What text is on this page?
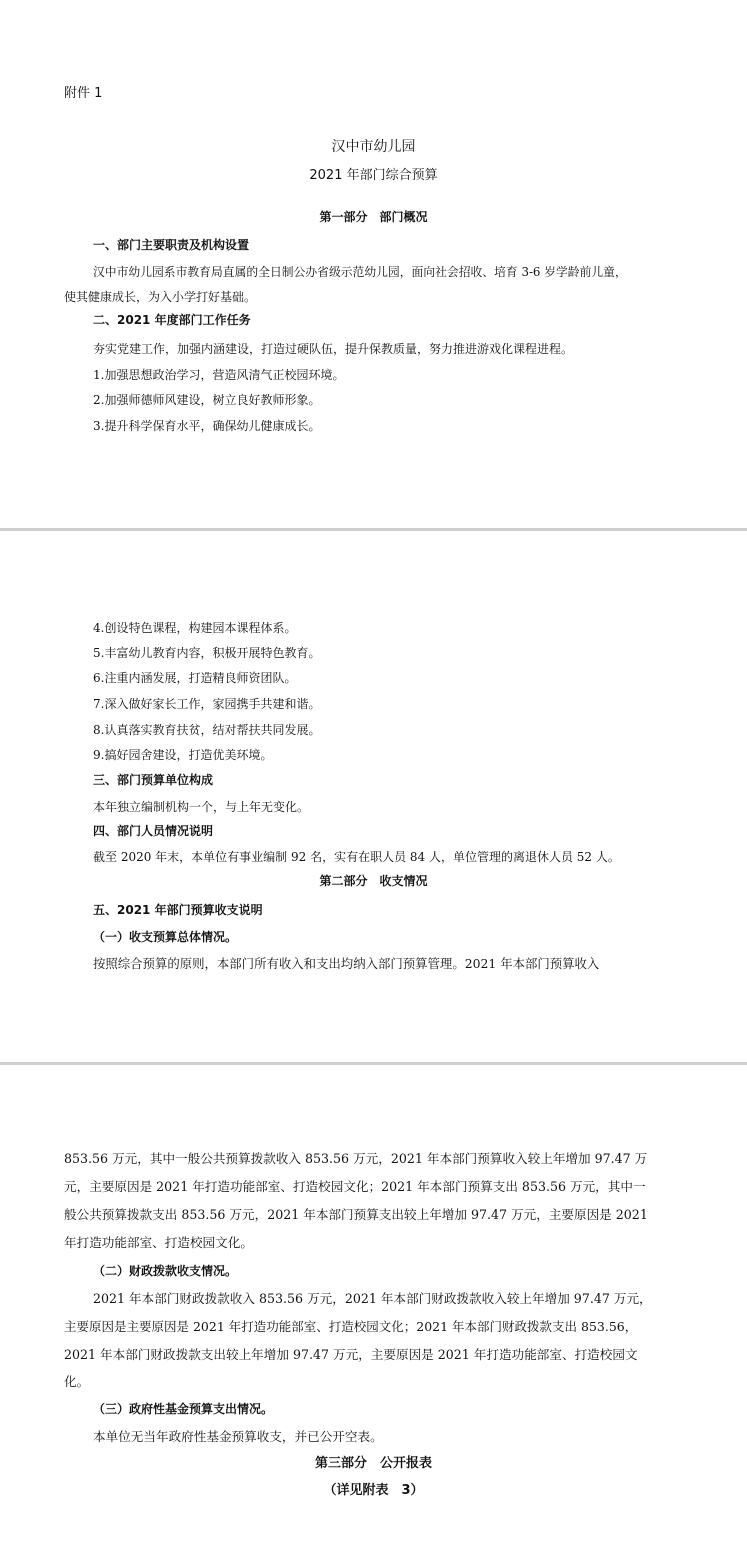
附件 1
汉中市幼儿园
2021 年部门综合预算
第一部分　部门概况
一、部门主要职责及机构设置
汉中市幼儿园系市教育局直属的全日制公办省级示范幼儿园，面向社会招收、培育 3-6 岁学龄前儿童，
使其健康成长，为入小学打好基础。
二、2021 年度部门工作任务
夯实党建工作，加强内涵建设，打造过硬队伍，提升保教质量，努力推进游戏化课程进程。
1.加强思想政治学习，营造风清气正校园环境。
2.加强师德师风建设，树立良好教师形象。
3.提升科学保育水平，确保幼儿健康成长。
4.创设特色课程，构建园本课程体系。
5.丰富幼儿教育内容，积极开展特色教育。
6.注重内涵发展，打造精良师资团队。
7.深入做好家长工作，家园携手共建和谐。
8.认真落实教育扶贫，结对帮扶共同发展。
9.搞好园舍建设，打造优美环境。
三、部门预算单位构成
本年独立编制机构一个，与上年无变化。
四、部门人员情况说明
截至 2020 年末，本单位有事业编制 92 名，实有在职人员 84 人，单位管理的离退休人员 52 人。
第二部分　收支情况
五、2021 年部门预算收支说明
（一）收支预算总体情况。
按照综合预算的原则，本部门所有收入和支出均纳入部门预算管理。2021 年本部门预算收入
853.56 万元，其中一般公共预算拨款收入 853.56 万元，2021 年本部门预算收入较上年增加 97.47 万
元，主要原因是 2021 年打造功能部室、打造校园文化；2021 年本部门预算支出 853.56 万元，其中一
般公共预算拨款支出 853.56 万元，2021 年本部门预算支出较上年增加 97.47 万元，主要原因是 2021
年打造功能部室、打造校园文化。
（二）财政拨款收支情况。
2021 年本部门财政拨款收入 853.56 万元，2021 年本部门财政拨款收入较上年增加 97.47 万元，
主要原因是主要原因是 2021 年打造功能部室、打造校园文化；2021 年本部门财政拨款支出 853.56，
2021 年本部门财政拨款支出较上年增加 97.47 万元，主要原因是 2021 年打造功能部室、打造校园文
化。
（三）政府性基金预算支出情况。
本单位无当年政府性基金预算收支，并已公开空表。
第三部分　公开报表
（详见附表　3）
